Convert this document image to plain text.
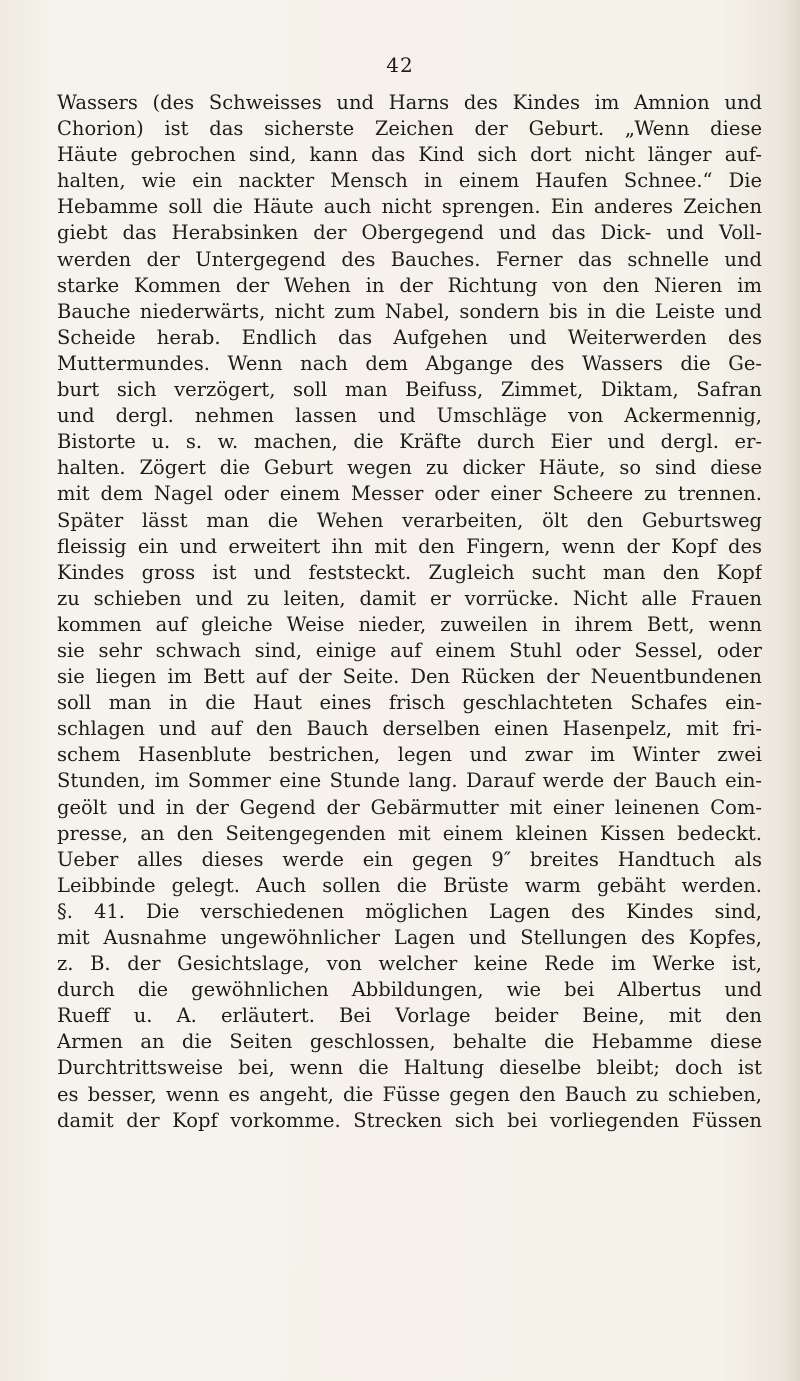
42
Wassers (des Schweisses und Harns des Kindes im Amnion und
Chorion) ist das sicherste Zeichen der Geburt. „Wenn diese
Häute gebrochen sind, kann das Kind sich dort nicht länger auf-
halten, wie ein nackter Mensch in einem Haufen Schnee.“ Die
Hebamme soll die Häute auch nicht sprengen. Ein anderes Zeichen
giebt das Herabsinken der Obergegend und das Dick- und Voll-
werden der Untergegend des Bauches. Ferner das schnelle und
starke Kommen der Wehen in der Richtung von den Nieren im
Bauche niederwärts, nicht zum Nabel, sondern bis in die Leiste und
Scheide herab. Endlich das Aufgehen und Weiterwerden des
Muttermundes. Wenn nach dem Abgange des Wassers die Ge-
burt sich verzögert, soll man Beifuss, Zimmet, Diktam, Safran
und dergl. nehmen lassen und Umschläge von Ackermennig,
Bistorte u. s. w. machen, die Kräfte durch Eier und dergl. er-
halten. Zögert die Geburt wegen zu dicker Häute, so sind diese
mit dem Nagel oder einem Messer oder einer Scheere zu trennen.
Später lässt man die Wehen verarbeiten, ölt den Geburtsweg
fleissig ein und erweitert ihn mit den Fingern, wenn der Kopf des
Kindes gross ist und feststeckt. Zugleich sucht man den Kopf
zu schieben und zu leiten, damit er vorrücke. Nicht alle Frauen
kommen auf gleiche Weise nieder, zuweilen in ihrem Bett, wenn
sie sehr schwach sind, einige auf einem Stuhl oder Sessel, oder
sie liegen im Bett auf der Seite. Den Rücken der Neuentbundenen
soll man in die Haut eines frisch geschlachteten Schafes ein-
schlagen und auf den Bauch derselben einen Hasenpelz, mit fri-
schem Hasenblute bestrichen, legen und zwar im Winter zwei
Stunden, im Sommer eine Stunde lang. Darauf werde der Bauch ein-
geölt und in der Gegend der Gebärmutter mit einer leinenen Com-
presse, an den Seitengegenden mit einem kleinen Kissen bedeckt.
Ueber alles dieses werde ein gegen 9″ breites Handtuch als
Leibbinde gelegt. Auch sollen die Brüste warm gebäht werden.
§. 41. Die verschiedenen möglichen Lagen des Kindes sind,
mit Ausnahme ungewöhnlicher Lagen und Stellungen des Kopfes,
z. B. der Gesichtslage, von welcher keine Rede im Werke ist,
durch die gewöhnlichen Abbildungen, wie bei Albertus und
Rueff u. A. erläutert. Bei Vorlage beider Beine, mit den
Armen an die Seiten geschlossen, behalte die Hebamme diese
Durchtrittsweise bei, wenn die Haltung dieselbe bleibt; doch ist
es besser, wenn es angeht, die Füsse gegen den Bauch zu schieben,
damit der Kopf vorkomme. Strecken sich bei vorliegenden Füssen
